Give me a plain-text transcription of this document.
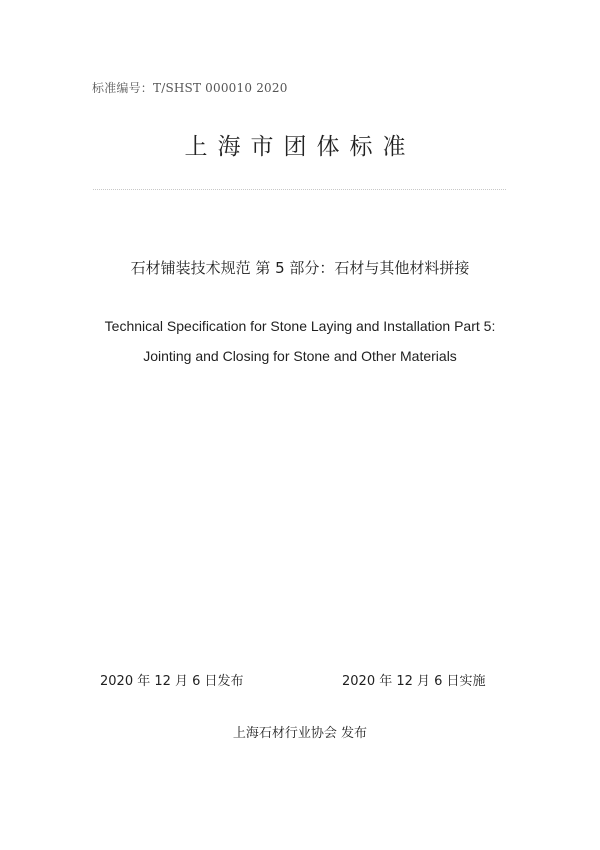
标准编号：T/SHST 000010 2020
上海市团体标准
石材铺装技术规范 第 5 部分：石材与其他材料拼接
Technical Specification for Stone Laying and Installation Part 5:
Jointing and Closing for Stone and Other Materials
2020 年 12 月 6 日发布	2020 年 12 月 6 日实施
上海石材行业协会 发布
